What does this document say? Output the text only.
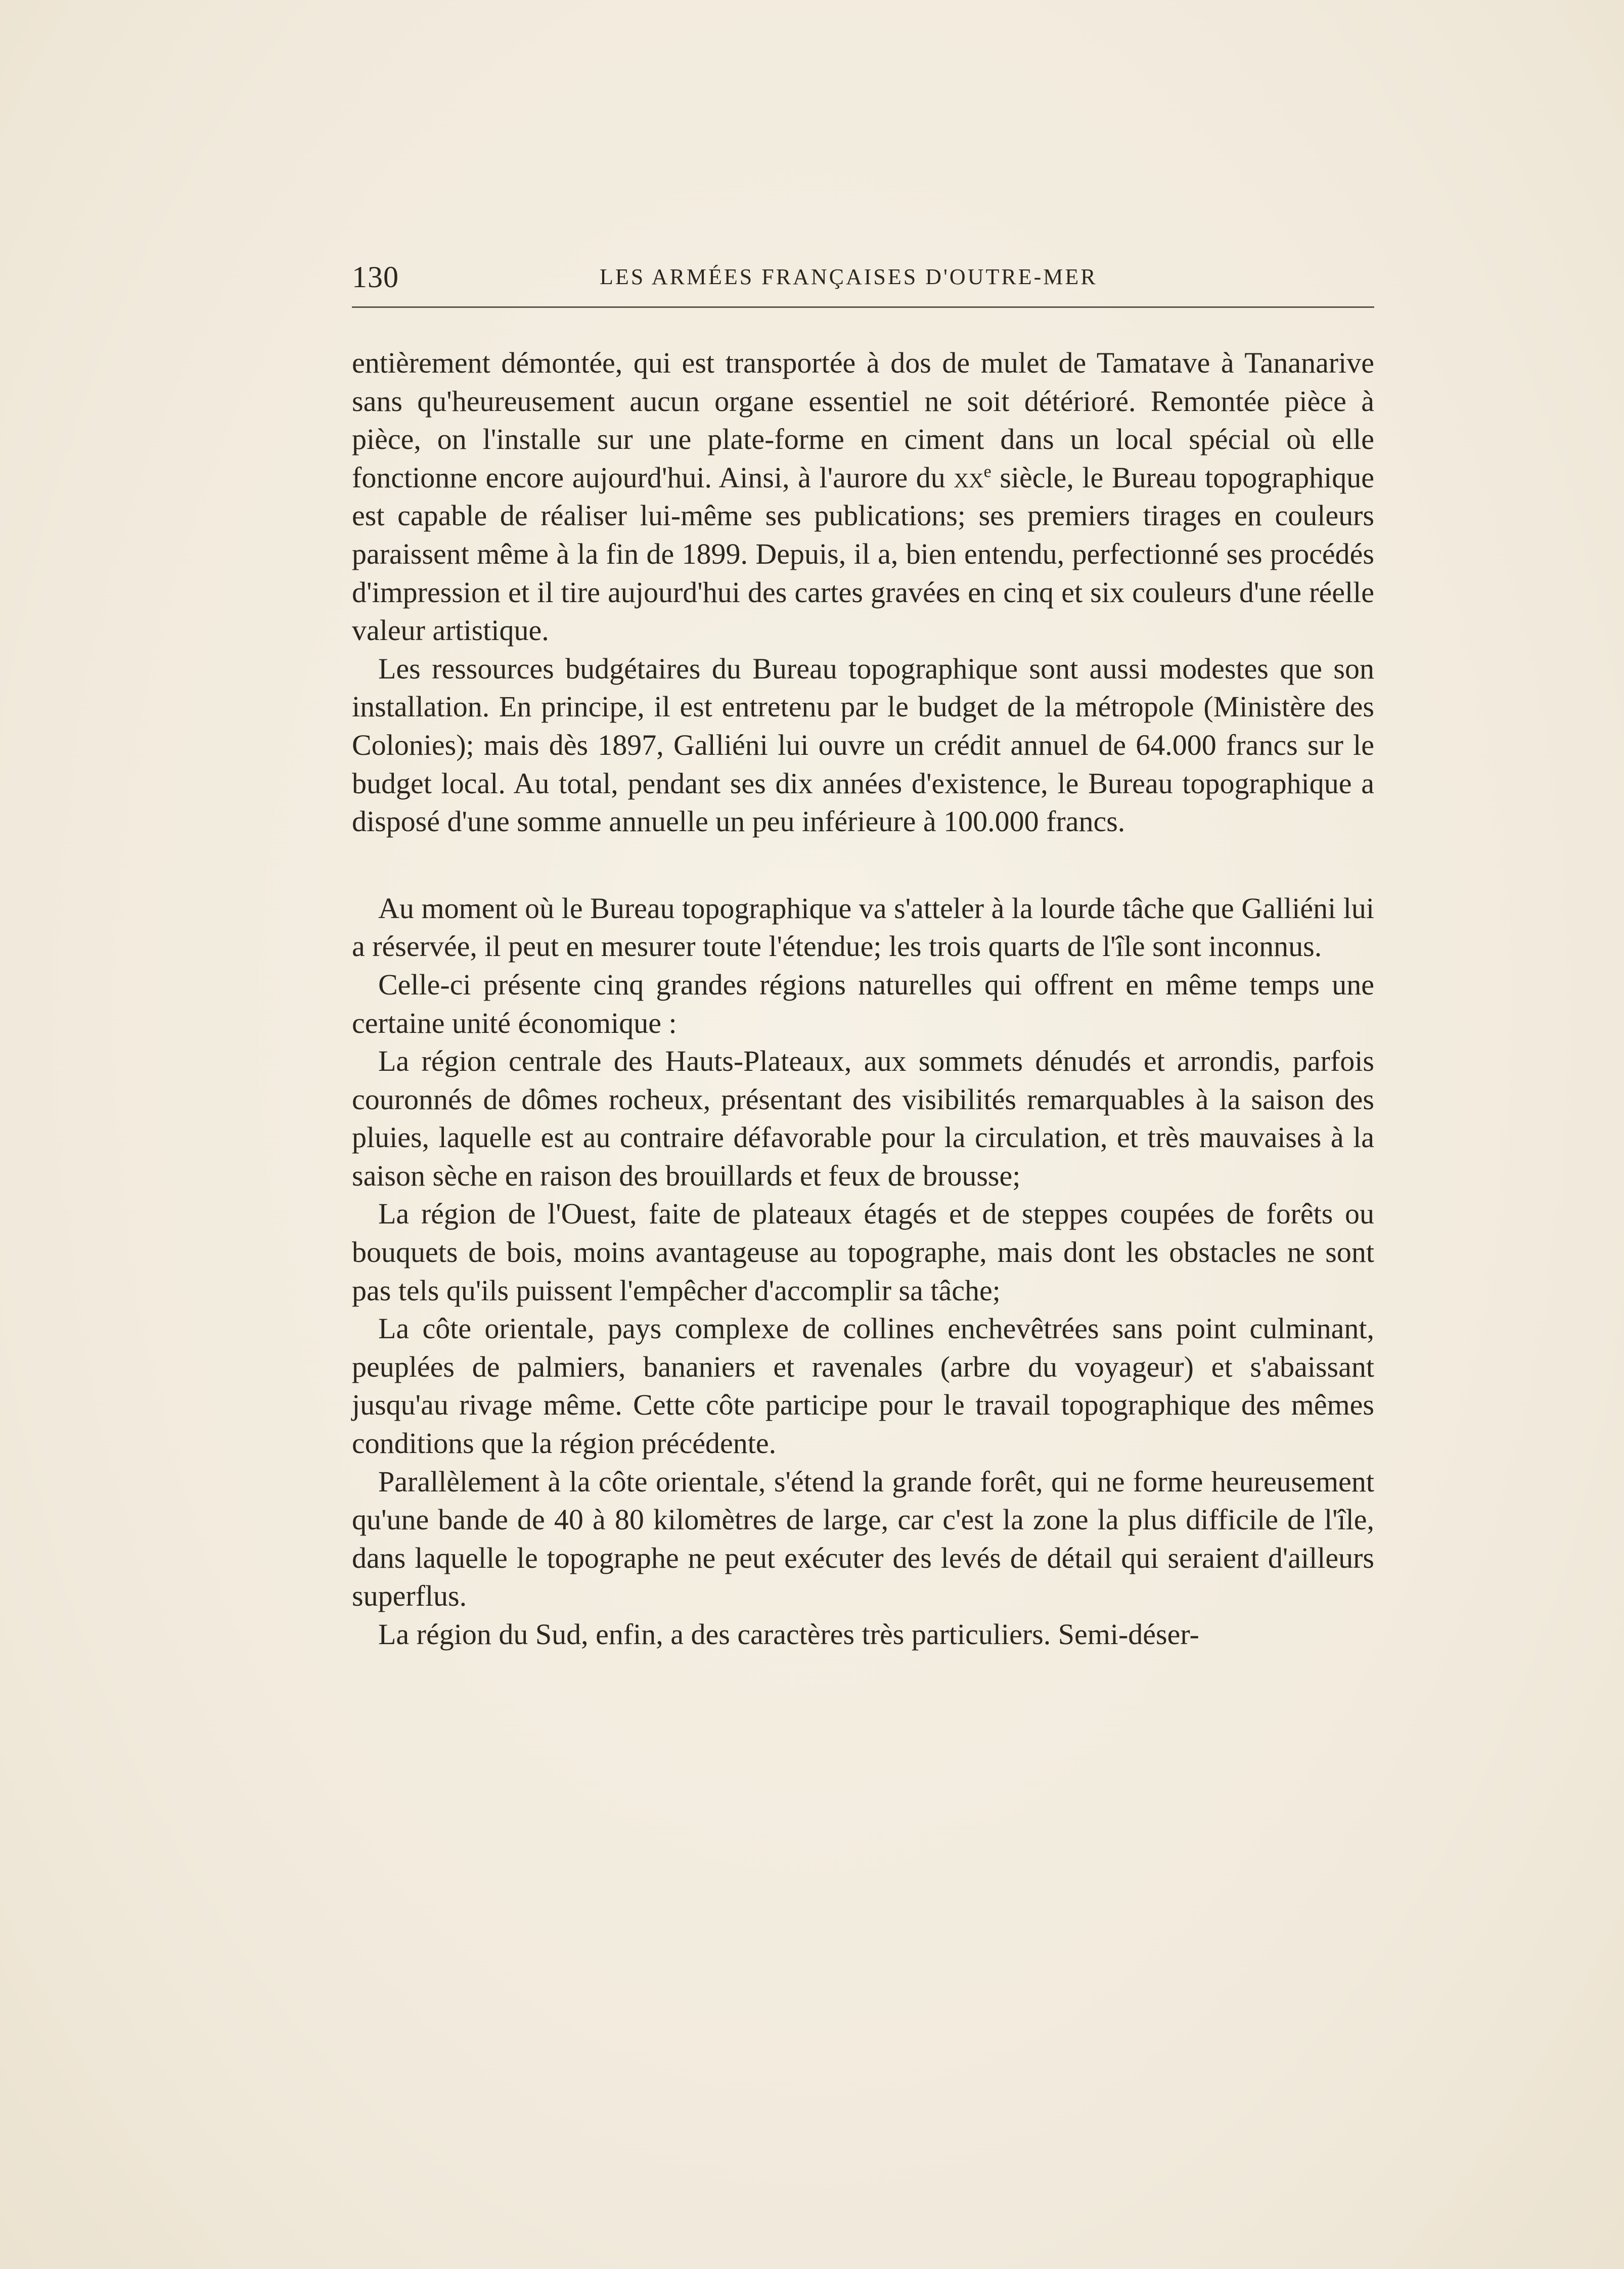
130	LES ARMÉES FRANÇAISES D'OUTRE-MER

entièrement démontée, qui est transportée à dos de mulet de Tamatave à Tananarive sans qu'heureusement aucun organe essentiel ne soit détérioré. Remontée pièce à pièce, on l'installe sur une plate-forme en ciment dans un local spécial où elle fonctionne encore aujourd'hui. Ainsi, à l'aurore du $xx^e$ siècle, le Bureau topographique est capable de réaliser lui-même ses publications; ses premiers tirages en couleurs paraissent même à la fin de 1899. Depuis, il a, bien entendu, perfectionné ses procédés d'impression et il tire aujourd'hui des cartes gravées en cinq et six couleurs d'une réelle valeur artistique.

Les ressources budgétaires du Bureau topographique sont aussi modestes que son installation. En principe, il est entretenu par le budget de la métropole (Ministère des Colonies); mais dès 1897, Galliéni lui ouvre un crédit annuel de 64.000 francs sur le budget local. Au total, pendant ses dix années d'existence, le Bureau topographique a disposé d'une somme annuelle un peu inférieure à 100.000 francs.

Au moment où le Bureau topographique va s'atteler à la lourde tâche que Galliéni lui a réservée, il peut en mesurer toute l'étendue; les trois quarts de l'île sont inconnus.

Celle-ci présente cinq grandes régions naturelles qui offrent en même temps une certaine unité économique :

La région centrale des Hauts-Plateaux, aux sommets dénudés et arrondis, parfois couronnés de dômes rocheux, présentant des visibilités remarquables à la saison des pluies, laquelle est au contraire défavorable pour la circulation, et très mauvaises à la saison sèche en raison des brouillards et feux de brousse;

La région de l'Ouest, faite de plateaux étagés et de steppes coupées de forêts ou bouquets de bois, moins avantageuse au topographe, mais dont les obstacles ne sont pas tels qu'ils puissent l'empêcher d'accomplir sa tâche;

La côte orientale, pays complexe de collines enchevêtrées sans point culminant, peuplées de palmiers, bananiers et ravenales (arbre du voyageur) et s'abaissant jusqu'au rivage même. Cette côte participe pour le travail topographique des mêmes conditions que la région précédente.

Parallèlement à la côte orientale, s'étend la grande forêt, qui ne forme heureusement qu'une bande de 40 à 80 kilomètres de large, car c'est la zone la plus difficile de l'île, dans laquelle le topographe ne peut exécuter des levés de détail qui seraient d'ailleurs superflus.

La région du Sud, enfin, a des caractères très particuliers. Semi-déser-
